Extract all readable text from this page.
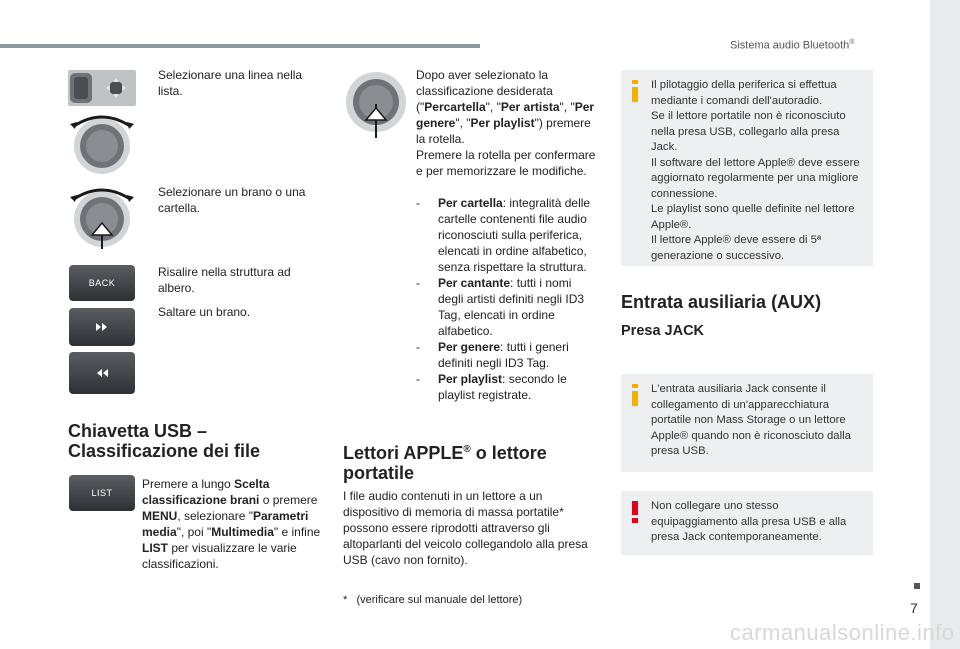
Sistema audio Bluetooth®
Selezionare una linea nella lista.
Selezionare un brano o una cartella.
BACK
Risalire nella struttura ad albero.
Saltare un brano.
Chiavetta USB –
Classificazione dei file
LIST
Premere a lungo Scelta classificazione brani o premere MENU, selezionare "Parametri media", poi "Multimedia" e infine LIST per visualizzare le varie classificazioni.
Dopo aver selezionato la classificazione desiderata ("Percartella", "Per artista", "Per genere", "Per playlist") premere la rotella.
Premere la rotella per confermare e per memorizzare le modifiche.
- Per cartella: integralità delle cartelle contenenti file audio riconosciuti sulla periferica, elencati in ordine alfabetico, senza rispettare la struttura.
- Per cantante: tutti i nomi degli artisti definiti negli ID3 Tag, elencati in ordine alfabetico.
- Per genere: tutti i generi definiti negli ID3 Tag.
- Per playlist: secondo le playlist registrate.
Lettori APPLE® o lettore
portatile
I file audio contenuti in un lettore a un dispositivo di memoria di massa portatile* possono essere riprodotti attraverso gli altoparlanti del veicolo collegandolo alla presa USB (cavo non fornito).
*   (verificare sul manuale del lettore)

Il pilotaggio della periferica si effettua mediante i comandi dell'autoradio.

Se il lettore portatile non è riconosciuto nella presa USB, collegarlo alla presa Jack.

Il software del lettore Apple® deve essere aggiornato regolarmente per una migliore connessione.

Le playlist sono quelle definite nel lettore Apple®.

Il lettore Apple® deve essere di 5ª generazione o successivo.

Entrata ausiliaria (AUX)
Presa JACK

L'entrata ausiliaria Jack consente il collegamento di un'apparecchiatura portatile non Mass Storage o un lettore Apple® quando non è riconosciuto dalla presa USB.

Non collegare uno stesso equipaggiamento alla presa USB e alla presa Jack contemporaneamente.

7
carmanualsonline.info
